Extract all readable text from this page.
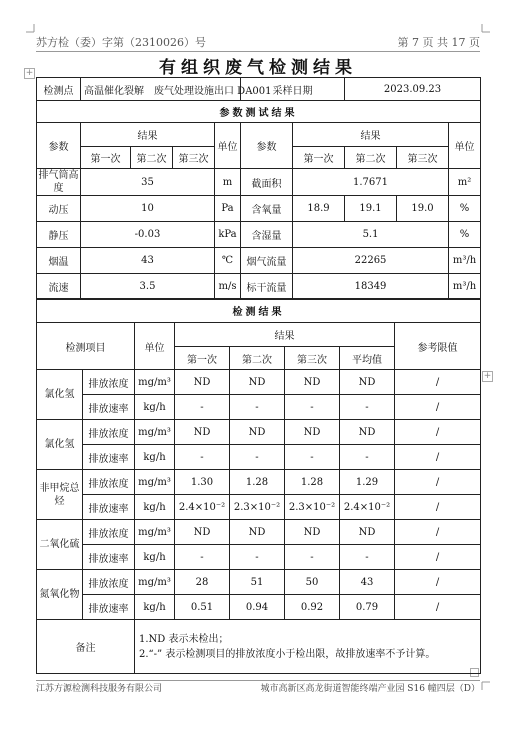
+
+
苏方检（委）字第（2310026）号	第 7 页 共 17 页
有组织废气检测结果
检测点	高温催化裂解　废气处理设施出口 DA001				采样日期		2023.09.23		
参数测试结果									
参数	结果			单位	参数	结果			单位
	第一次	第二次	第三次			第一次	第二次	第三次	
排气筒高度	35			m	截面积	1.7671			m²
动压	10			Pa	含氧量	18.9	19.1	19.0	%
静压	-0.03			kPa	含湿量	5.1			%
烟温	43			℃	烟气流量	22265			m³/h
流速	3.5			m/s	标干流量	18349			m³/h
检测结果							
检测项目		单位	结果				参考限值
			第一次	第二次	第三次	平均值	
氯化氢	排放浓度	mg/m³	ND	ND	ND	ND	/
	排放速率	kg/h	-	-	-	-	/
氯化氢	排放浓度	mg/m³	ND	ND	ND	ND	/
	排放速率	kg/h	-	-	-	-	/
非甲烷总烃	排放浓度	mg/m³	1.30	1.28	1.28	1.29	/
	排放速率	kg/h	2.4×10⁻²	2.3×10⁻²	2.3×10⁻²	2.4×10⁻²	/
二氧化硫	排放浓度	mg/m³	ND	ND	ND	ND	/
	排放速率	kg/h	-	-	-	-	/
氮氧化物	排放浓度	mg/m³	28	51	50	43	/
	排放速率	kg/h	0.51	0.94	0.92	0.79	/
备注		1.ND 表示未检出；
2.“-” 表示检测项目的排放浓度小于检出限，故排放速率不予计算。					
江苏方源检测科技服务有限公司	城市高新区高龙街道智能终端产业园 S16 幢四层（D）
